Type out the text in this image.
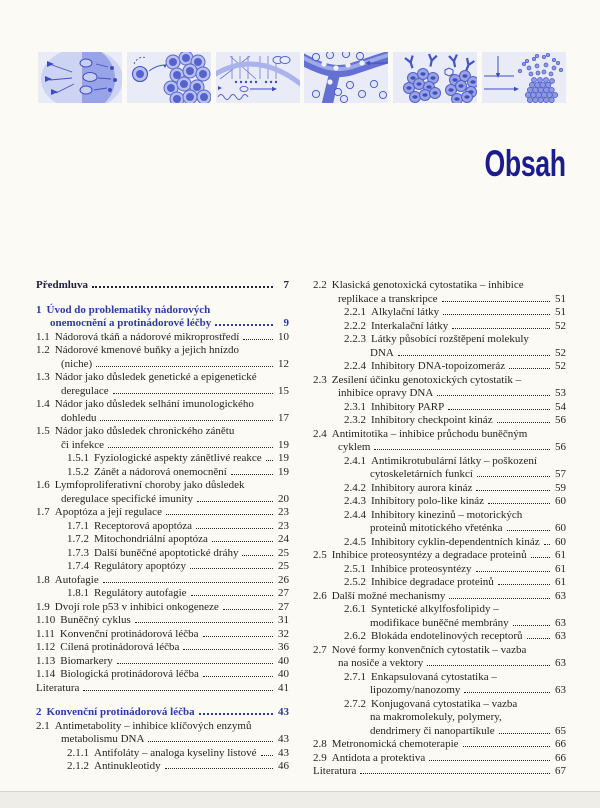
Obsah
Předmluva	7
1 Úvod do problematiky nádorových
onemocnění a protinádorové léčby	9
1.1 Nádorová tkáň a nádorové mikroprostředí	10
1.2 Nádorové kmenové buňky a jejich hnízdo
(niche)	12
1.3 Nádor jako důsledek genetické a epigenetické
deregulace	15
1.4 Nádor jako důsledek selhání imunologického
dohledu	17
1.5 Nádor jako důsledek chronického zánětu
či infekce	19
1.5.1 Fyziologické aspekty zánětlivé reakce 19
1.5.2 Zánět a nádorová onemocnění	19
1.6 Lymfoproliferativní choroby jako důsledek
deregulace specifické imunity	20
1.7 Apoptóza a její regulace	23
1.7.1 Receptorová apoptóza	23
1.7.2 Mitochondriální apoptóza	24
1.7.3 Další buněčné apoptotické dráhy	25
1.7.4 Regulátory apoptózy	25
1.8 Autofagie	26
1.8.1 Regulátory autofagie	27
1.9 Dvojí role p53 v inhibici onkogeneze	27
1.10 Buněčný cyklus	31
1.11 Konvenční protinádorová léčba	32
1.12 Cílená protinádorová léčba	36
1.13 Biomarkery	40
1.14 Biologická protinádorová léčba	40
Literatura	41
2 Konvenční protinádorová léčba	43
2.1 Antimetabolity – inhibice klíčových enzymů
metabolismu DNA	43
2.1.1 Antifoláty – analoga kyseliny listové 43
2.1.2 Antinukleotidy	46
2.2 Klasická genotoxická cytostatika – inhibice
replikace a transkripce	51
2.2.1 Alkylační látky	51
2.2.2 Interkalační látky	52
2.2.3 Látky působící rozštěpení molekuly
DNA	52
2.2.4 Inhibitory DNA-topoizomeráz	52
2.3 Zesílení účinku genotoxických cytostatik –
inhibice opravy DNA	53
2.3.1 Inhibitory PARP	54
2.3.2 Inhibitory checkpoint kináz	56
2.4 Antimitotika – inhibice průchodu buněčným
cyklem	56
2.4.1 Antimikrotubulární látky – poškození
cytoskeletárních funkcí	57
2.4.2 Inhibitory aurora kináz	59
2.4.3 Inhibitory polo-like kináz	60
2.4.4 Inhibitory kinezinů – motorických
proteinů mitotického vřeténka	60
2.4.5 Inhibitory cyklin-dependentních kináz 60
2.5 Inhibice proteosyntézy a degradace proteinů	61
2.5.1 Inhibice proteosyntézy	61
2.5.2 Inhibice degradace proteinů	61
2.6 Další možné mechanismy	63
2.6.1 Syntetické alkylfosfolipidy –
modifikace buněčné membrány	63
2.6.2 Blokáda endotelinových receptorů	63
2.7 Nové formy konvenčních cytostatik – vazba
na nosiče a vektory	63
2.7.1 Enkapsulovaná cytostatika –
lipozomy/nanozomy	63
2.7.2 Konjugovaná cytostatika – vazba
na makromolekuly, polymery,
dendrimery či nanopartikule	65
2.8 Metronomická chemoterapie	66
2.9 Antidota a protektiva	66
Literatura	67
